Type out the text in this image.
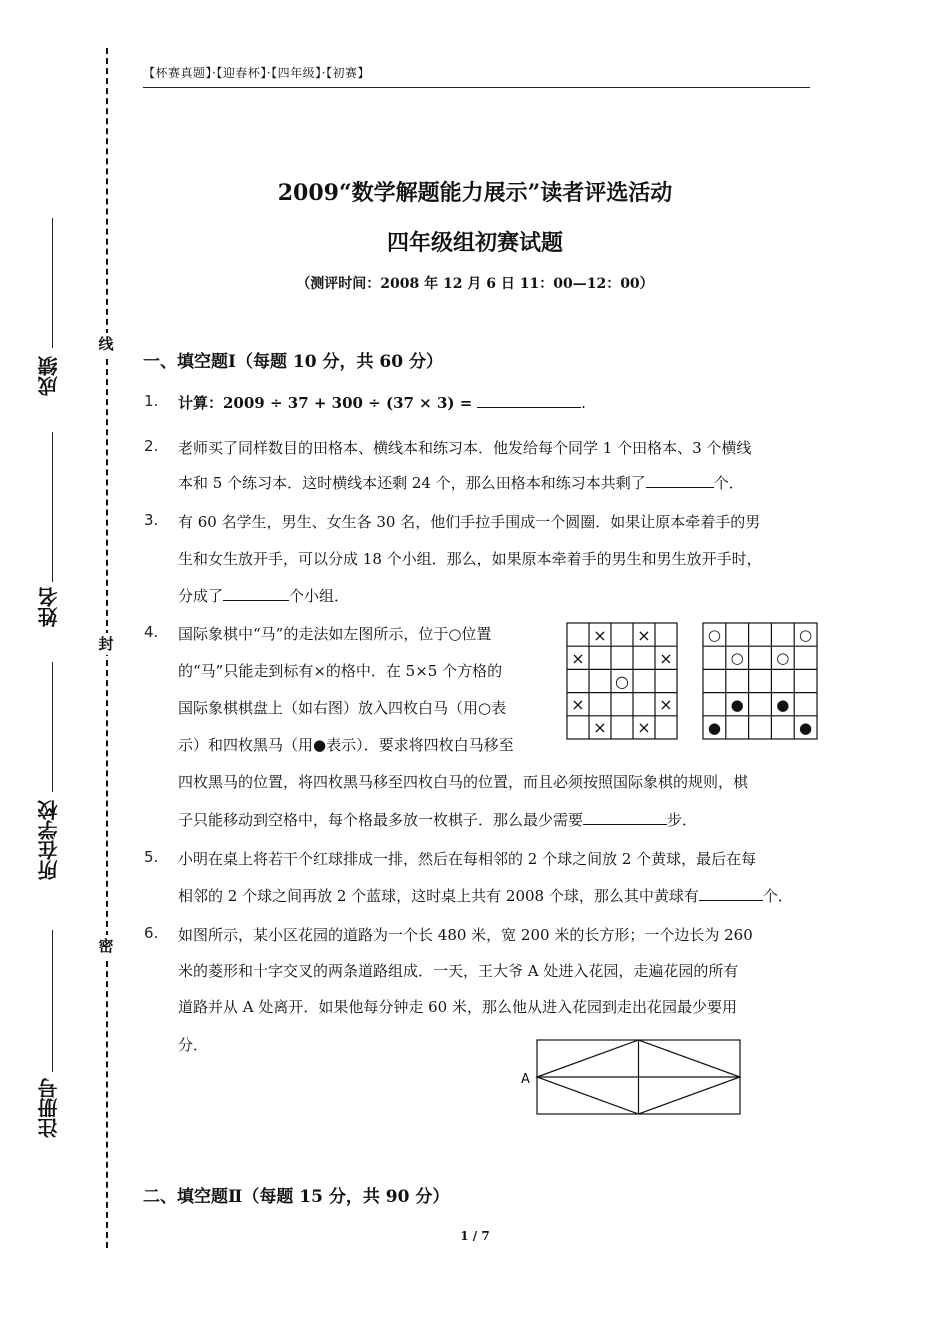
【杯赛真题】·【迎春杯】·【四年级】·【初赛】
线
封
密
成绩
姓名
所在学校
注册号
2009“数学解题能力展示”读者评选活动
四年级组初赛试题
（测评时间：2008 年 12 月 6 日 11：00—12：00）
一、填空题Ⅰ（每题 10 分，共 60 分）
1. 计算：2009 ÷ 37 + 300 ÷ (37 × 3) =	.
2. 老师买了同样数目的田格本、横线本和练习本．他发给每个同学 1 个田格本、3 个横线
本和 5 个练习本．这时横线本还剩 24 个，那么田格本和练习本共剩了	个．
3. 有 60 名学生，男生、女生各 30 名，他们手拉手围成一个圆圈．如果让原本牵着手的男
生和女生放开手，可以分成 18 个小组．那么，如果原本牵着手的男生和男生放开手时，
分成了	个小组．
4. 国际象棋中“马”的走法如左图所示，位于○位置
的“马”只能走到标有×的格中．在 5×5 个方格的
国际象棋棋盘上（如右图）放入四枚白马（用○表
示）和四枚黑马（用●表示）．要求将四枚白马移至
四枚黑马的位置，将四枚黑马移至四枚白马的位置，而且必须按照国际象棋的规则，棋
子只能移动到空格中，每个格最多放一枚棋子．那么最少需要	步．
× ×
×	×
○
×	×
× ×
○	○
○ ○
● ●
●	●
5. 小明在桌上将若干个红球排成一排，然后在每相邻的 2 个球之间放 2 个黄球，最后在每
相邻的 2 个球之间再放 2 个蓝球，这时桌上共有 2008 个球，那么其中黄球有	个．
6. 如图所示，某小区花园的道路为一个长 480 米，宽 200 米的长方形；一个边长为 260
米的菱形和十字交叉的两条道路组成．一天，王大爷 A 处进入花园，走遍花园的所有
道路并从 A 处离开．如果他每分钟走 60 米，那么他从进入花园到走出花园最少要用
分．
A
二、填空题Ⅱ（每题 15 分，共 90 分）
1 / 7
